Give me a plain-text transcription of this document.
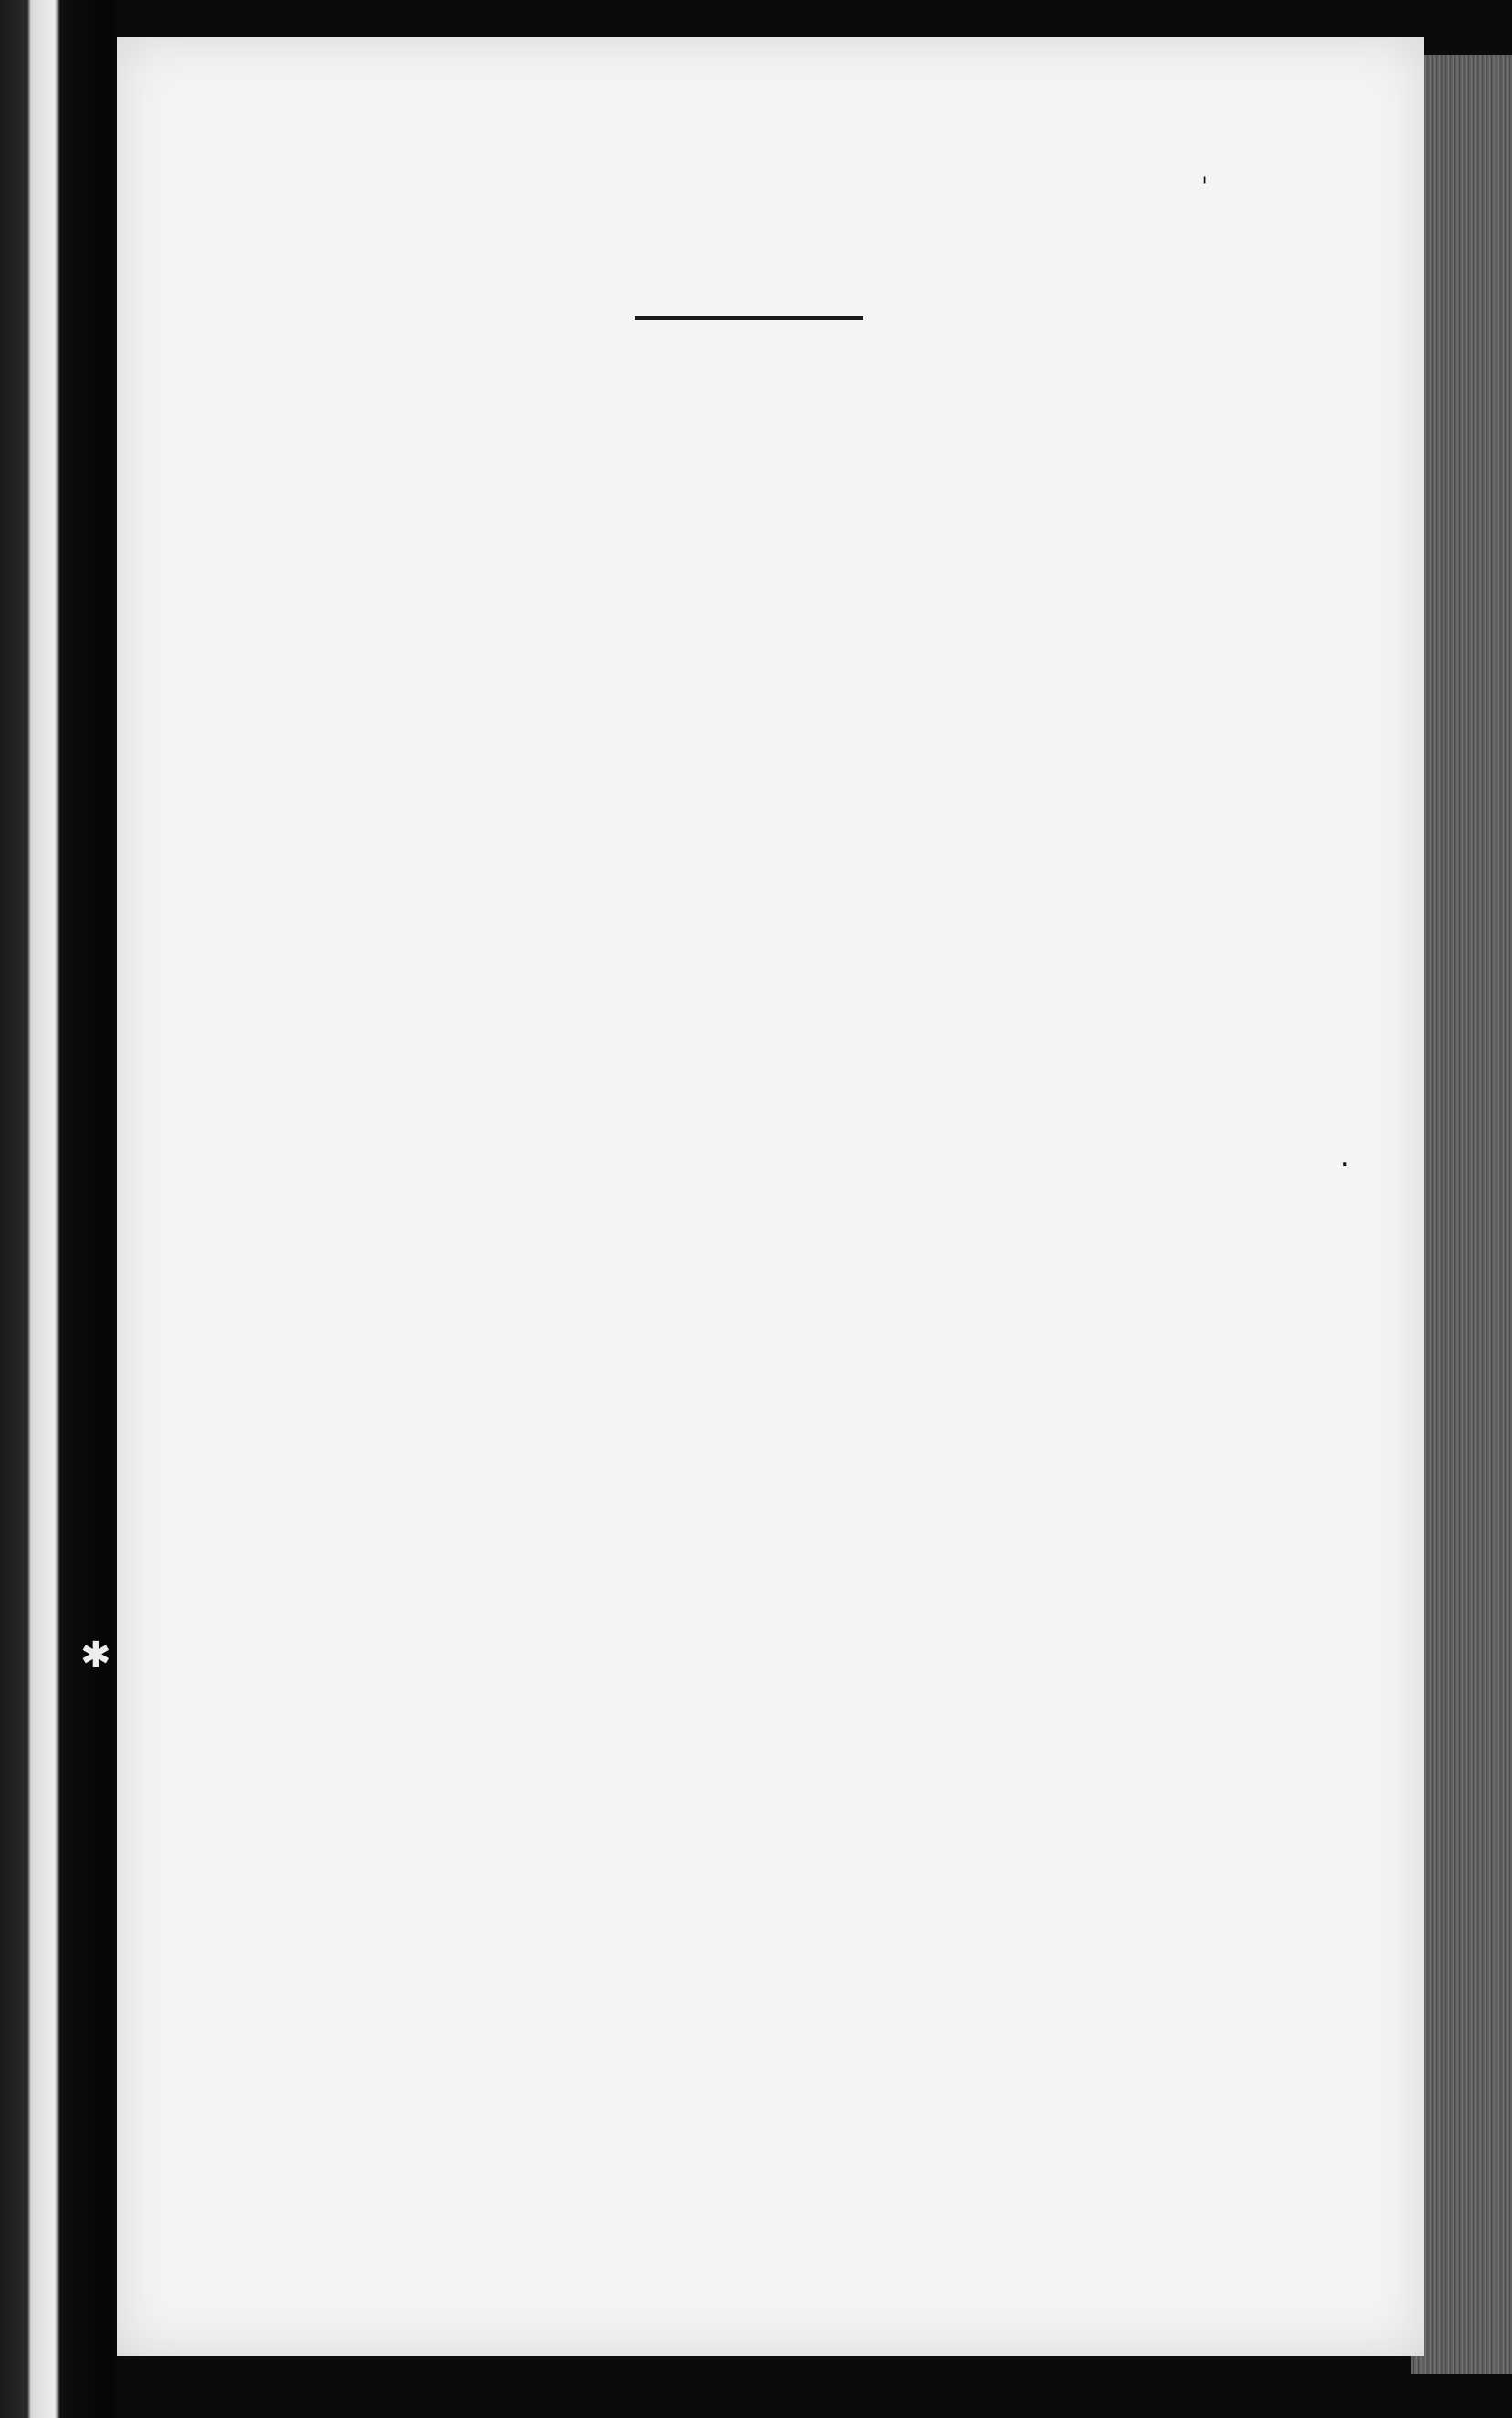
ˈ
.
✱
